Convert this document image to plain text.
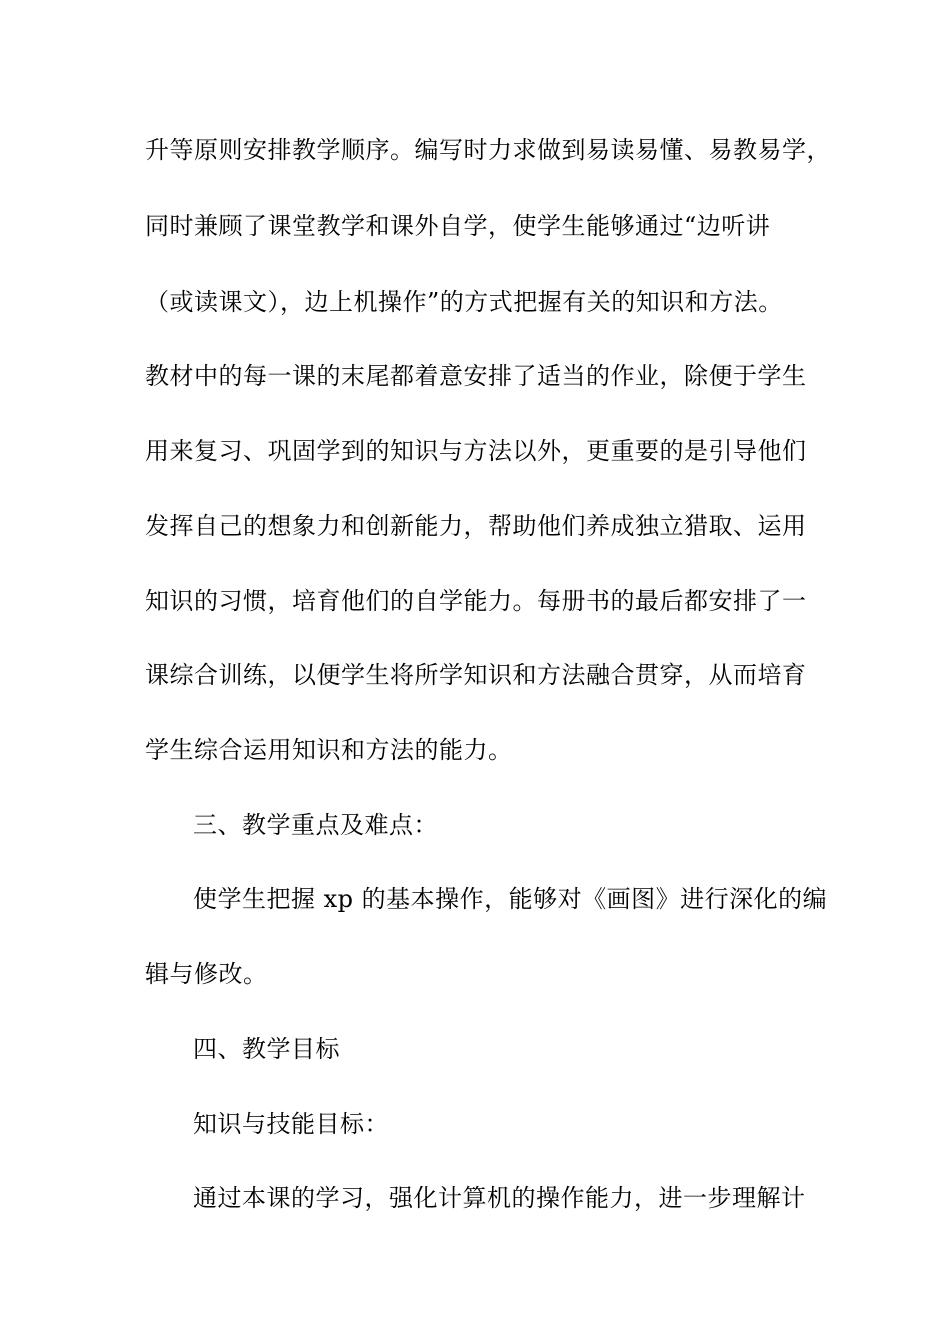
升等原则安排教学顺序。编写时力求做到易读易懂、易教易学，
同时兼顾了课堂教学和课外自学，使学生能够通过“边听讲
（或读课文），边上机操作”的方式把握有关的知识和方法。
教材中的每一课的末尾都着意安排了适当的作业，除便于学生
用来复习、巩固学到的知识与方法以外，更重要的是引导他们
发挥自己的想象力和创新能力，帮助他们养成独立猎取、运用
知识的习惯，培育他们的自学能力。每册书的最后都安排了一
课综合训练，以便学生将所学知识和方法融合贯穿，从而培育
学生综合运用知识和方法的能力。
三、教学重点及难点：
使学生把握 xp 的基本操作，能够对《画图》进行深化的编
辑与修改。
四、教学目标
知识与技能目标：
通过本课的学习，强化计算机的操作能力，进一步理解计
